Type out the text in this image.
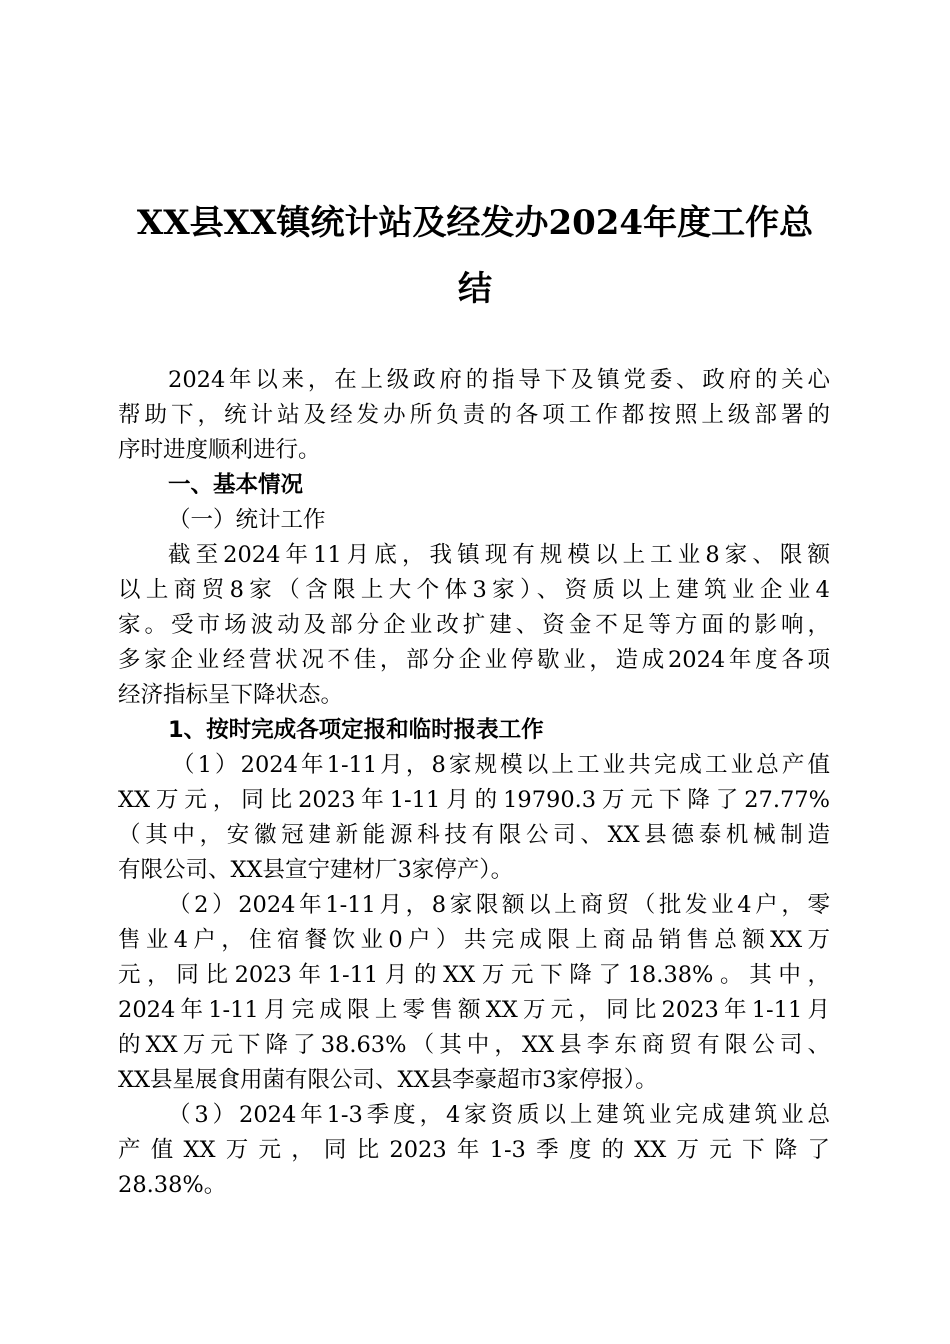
XX县XX镇统计站及经发办2024年度工作总
结
2024年以来，在上级政府的指导下及镇党委、政府的关心
帮助下，统计站及经发办所负责的各项工作都按照上级部署的
序时进度顺利进行。
一、基本情况
（一）统计工作
截至2024年11月底，我镇现有规模以上工业8家、限额
以上商贸8家（含限上大个体3家）、资质以上建筑业企业4
家。受市场波动及部分企业改扩建、资金不足等方面的影响，
多家企业经营状况不佳，部分企业停歇业，造成2024年度各项
经济指标呈下降状态。
1、按时完成各项定报和临时报表工作
（1）2024年1-11月，8家规模以上工业共完成工业总产值
XX万元，同比2023年1-11月的19790.3万元下降了27.77%
（其中，安徽冠建新能源科技有限公司、XX县德泰机械制造
有限公司、XX县宣宁建材厂3家停产）。
（2）2024年1-11月，8家限额以上商贸（批发业4户，零
售业4户，住宿餐饮业0户）共完成限上商品销售总额XX万
元，同比2023年1-11月的XX万元下降了18.38%。其中，
2024年1-11月完成限上零售额XX万元，同比2023年1-11月
的XX万元下降了38.63%（其中，XX县李东商贸有限公司、
XX县星展食用菌有限公司、XX县李豪超市3家停报）。
（3）2024年1-3季度，4家资质以上建筑业完成建筑业总
产值XX万元，同比2023年1-3季度的XX万元下降了
28.38%。
